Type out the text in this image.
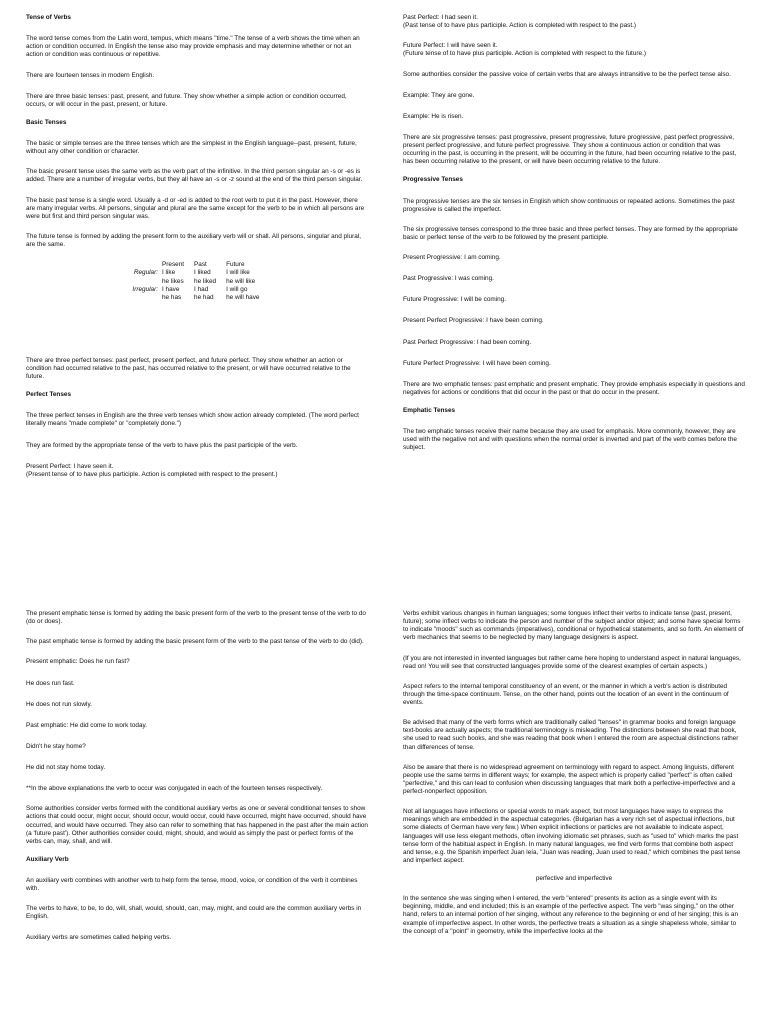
Tense of Verbs

The word tense comes from the Latin word, tempus, which means "time." The tense of a verb shows the time when an action or condition occurred. In English the tense also may provide emphasis and may determine whether or not an action or condition was continuous or repetitive.

There are fourteen tenses in modern English.

There are three basic tenses: past, present, and future. They show whether a simple action or condition occurred, occurs, or will occur in the past, present, or future.

Basic Tenses

The basic or simple tenses are the three tenses which are the simplest in the English language--past, present, future, without any other condition or character.

The basic present tense uses the same verb as the verb part of the infinitive. In the third person singular an -s or -es is added. There are a number of irregular verbs, but they all have an -s or -z sound at the end of the third person singular.

The basic past tense is a single word. Usually a -d or -ed is added to the root verb to put it in the past. However, there are many irregular verbs. All persons, singular and plural are the same except for the verb to be in which all persons are were but first and third person singular was.

The future tense is formed by adding the present form to the auxiliary verb will or shall. All persons, singular and plural, are the same.

	Present	Past	Future
Regular:	I like	I liked	I will like
	he likes	he liked	he will like
Irregular:	I have	I had	I will go
	he has	he had	he will have

There are three perfect tenses: past perfect, present perfect, and future perfect. They show whether an action or condition had occurred relative to the past, has occurred relative to the present, or will have occurred relative to the future.

Perfect Tenses

The three perfect tenses in English are the three verb tenses which show action already completed. (The word perfect literally means "made complete" or "completely done.")

They are formed by the appropriate tense of the verb to have plus the past participle of the verb.

Present Perfect: I have seen it.

(Present tense of to have plus participle. Action is completed with respect to the present.)

Past Perfect: I had seen it.

(Past tense of to have plus participle. Action is completed with respect to the past.)

Future Perfect: I will have seen it.

(Future tense of to have plus participle. Action is completed with respect to the future.)

Some authorities consider the passive voice of certain verbs that are always intransitive to be the perfect tense also.

Example: They are gone.

Example: He is risen.

There are six progressive tenses: past progressive, present progressive, future progressive, past perfect progressive, present perfect progressive, and future perfect progressive. They show a continuous action or condition that was occurring in the past, is occurring in the present, will be occurring in the future, had been occurring relative to the past, has been occurring relative to the present, or will have been occurring relative to the future.

Progressive Tenses

The progressive tenses are the six tenses in English which show continuous or repeated actions. Sometimes the past progressive is called the imperfect.

The six progressive tenses correspond to the three basic and three perfect tenses. They are formed by the appropriate basic or perfect tense of the verb to be followed by the present participle.

Present Progressive: I am coming.

Past Progressive: I was coming.

Future Progressive: I will be coming.

Present Perfect Progressive: I have been coming.

Past Perfect Progressive: I had been coming.

Future Perfect Progressive: I will have been coming.

There are two emphatic tenses: past emphatic and present emphatic. They provide emphasis especially in questions and negatives for actions or conditions that did occur in the past or that do occur in the present.

Emphatic Tenses

The two emphatic tenses receive their name because they are used for emphasis. More commonly, however, they are used with the negative not and with questions when the normal order is inverted and part of the verb comes before the subject.

The present emphatic tense is formed by adding the basic present form of the verb to the present tense of the verb to do (do or does).

The past emphatic tense is formed by adding the basic present form of the verb to the past tense of the verb to do (did).

Present emphatic: Does he run fast?

He does run fast.

He does not run slowly.

Past emphatic: He did come to work today.

Didn't he stay home?

He did not stay home today.

**In the above explanations the verb to occur was conjugated in each of the fourteen tenses respectively.

Some authorities consider verbs formed with the conditional auxiliary verbs as one or several conditional tenses to show actions that could occur, might occur, should occur, would occur, could have occurred, might have occurred, should have occurred, and would have occurred. They also can refer to something that has happened in the past after the main action (a 'future past'). Other authorities consider could, might, should, and would as simply the past or perfect forms of the verbs can, may, shall, and will.

Auxiliary Verb

An auxiliary verb combines with another verb to help form the tense, mood, voice, or condition of the verb it combines with.

The verbs to have, to be, to do, will, shall, would, should, can, may, might, and could are the common auxiliary verbs in English.

Auxiliary verbs are sometimes called helping verbs.

Verbs exhibit various changes in human languages; some tongues inflect their verbs to indicate tense (past, present, future); some inflect verbs to indicate the person and number of the subject and/or object; and some have special forms to indicate "moods" such as commands (imperatives), conditional or hypothetical statements, and so forth. An element of verb mechanics that seems to be neglected by many language designers is aspect.

(If you are not interested in invented languages but rather came here hoping to understand aspect in natural languages, read on! You will see that constructed languages provide some of the clearest examples of certain aspects.)

Aspect refers to the internal temporal constituency of an event, or the manner in which a verb's action is distributed through the time-space continuum. Tense, on the other hand, points out the location of an event in the continuum of events.

Be advised that many of the verb forms which are traditionally called "tenses" in grammar books and foreign language text-books are actually aspects; the traditional terminology is misleading. The distinctions between she read that book, she used to read such books, and she was reading that book when I entered the room are aspectual distinctions rather than differences of tense.

Also be aware that there is no widespread agreement on terminology with regard to aspect. Among linguists, different people use the same terms in different ways; for example, the aspect which is properly called "perfect" is often called "perfective," and this can lead to confusion when discussing languages that mark both a perfective-imperfective and a perfect-nonperfect opposition.

Not all languages have inflections or special words to mark aspect, but most languages have ways to express the meanings which are embedded in the aspectual categories. (Bulgarian has a very rich set of aspectual inflections, but some dialects of German have very few.) When explicit inflections or particles are not available to indicate aspect, languages will use less elegant methods, often involving idiomatic set phrases, such as "used to" which marks the past tense form of the habitual aspect in English. In many natural languages, we find verb forms that combine both aspect and tense, e.g. the Spanish imperfect Juan leía, "Juan was reading, Juan used to read," which combines the past tense and imperfect aspect.

perfective and imperfective

In the sentence she was singing when I entered, the verb "entered" presents its action as a single event with its beginning, middle, and end included; this is an example of the perfective aspect. The verb "was singing," on the other hand, refers to an internal portion of her singing, without any reference to the beginning or end of her singing; this is an example of imperfective aspect. In other words, the perfective treats a situation as a single shapeless whole, similar to the concept of a "point" in geometry, while the imperfective looks at the
